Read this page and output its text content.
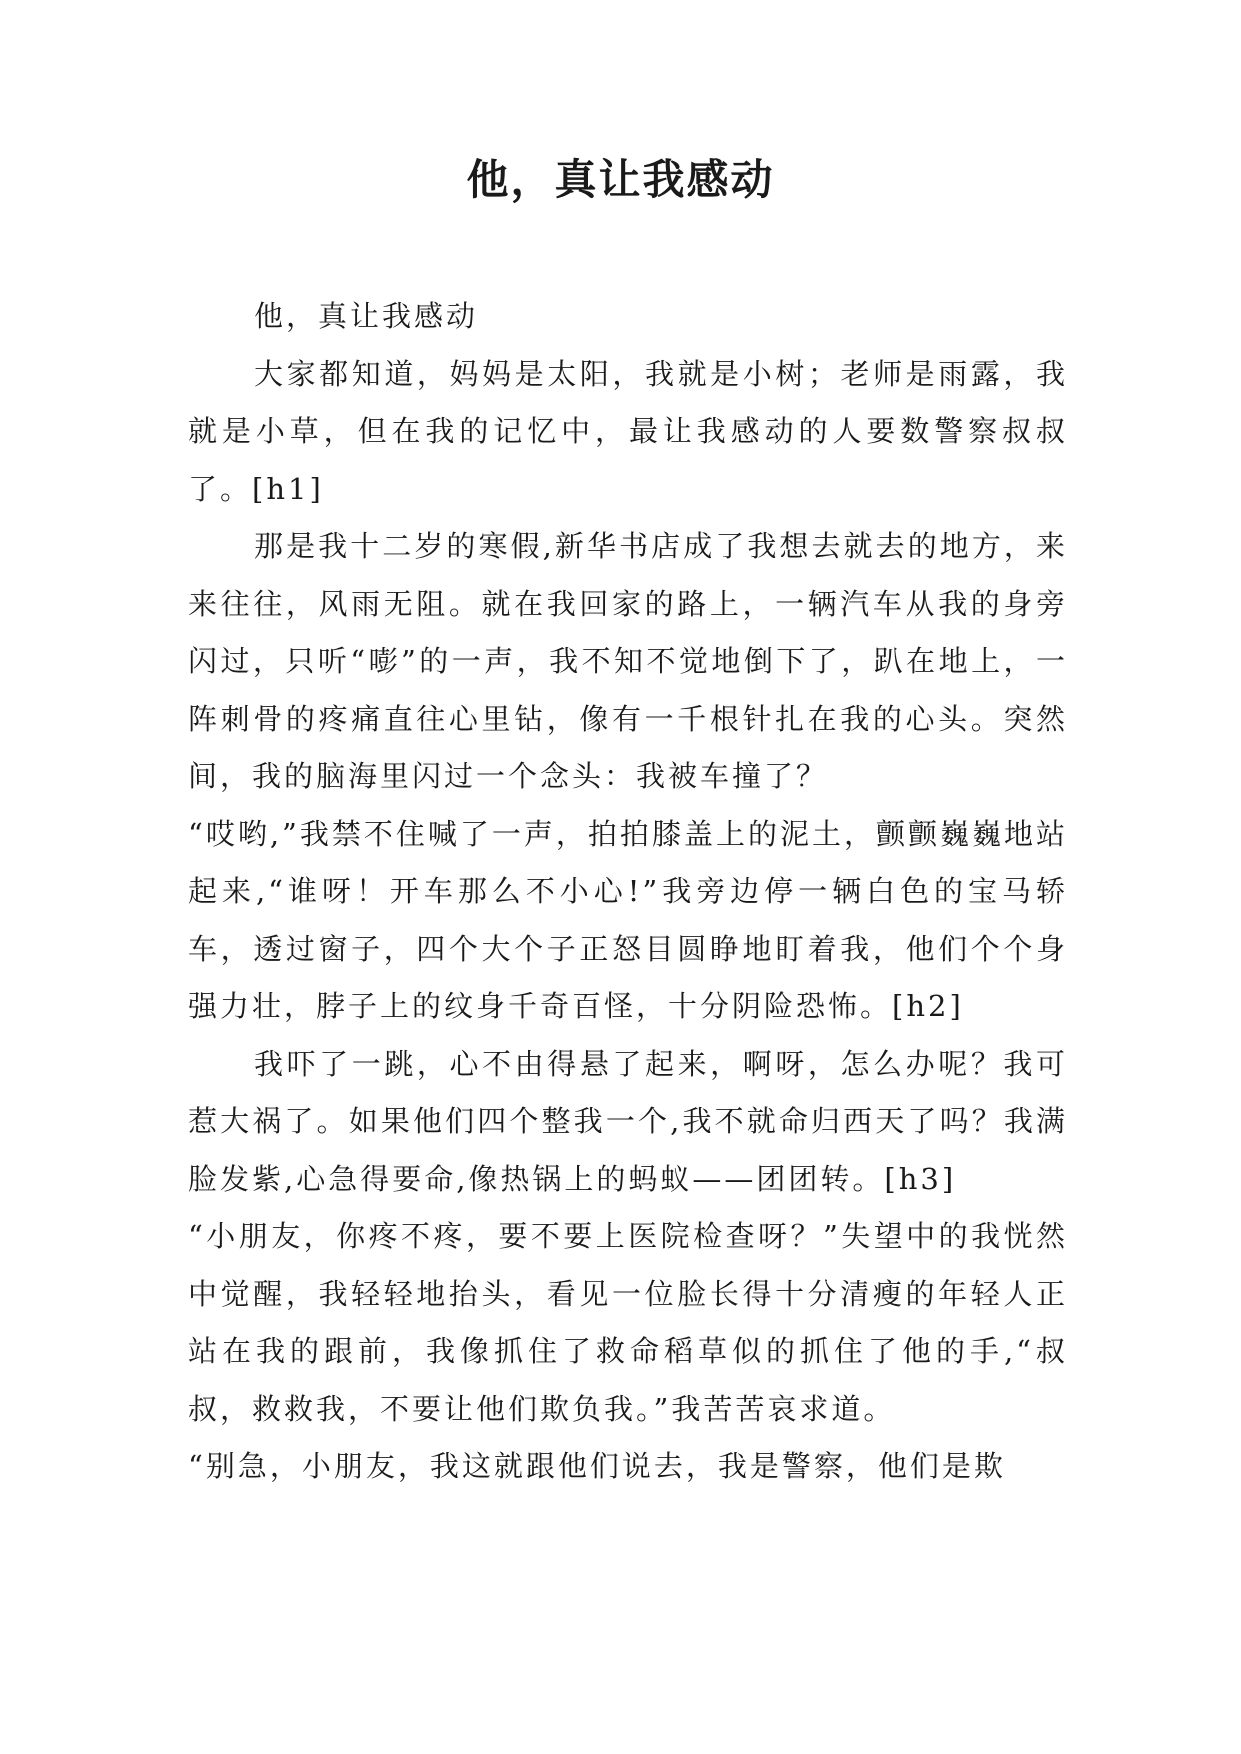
他，真让我感动

他，真让我感动

大家都知道，妈妈是太阳，我就是小树；老师是雨露，我就是小草，但在我的记忆中，最让我感动的人要数警察叔叔了。[h1]

那是我十二岁的寒假,新华书店成了我想去就去的地方，来来往往，风雨无阻。就在我回家的路上，一辆汽车从我的身旁闪过，只听“嘭”的一声，我不知不觉地倒下了，趴在地上，一阵刺骨的疼痛直往心里钻，像有一千根针扎在我的心头。突然间，我的脑海里闪过一个念头：我被车撞了？

“哎哟,”我禁不住喊了一声，拍拍膝盖上的泥土，颤颤巍巍地站起来,“谁呀！开车那么不小心!”我旁边停一辆白色的宝马轿车，透过窗子，四个大个子正怒目圆睁地盯着我，他们个个身强力壮，脖子上的纹身千奇百怪，十分阴险恐怖。[h2]

我吓了一跳，心不由得悬了起来，啊呀，怎么办呢？我可惹大祸了。如果他们四个整我一个,我不就命归西天了吗？我满脸发紫,心急得要命,像热锅上的蚂蚁——团团转。[h3]

“小朋友，你疼不疼，要不要上医院检查呀？”失望中的我恍然中觉醒，我轻轻地抬头，看见一位脸长得十分清瘦的年轻人正站在我的跟前，我像抓住了救命稻草似的抓住了他的手,“叔叔，救救我，不要让他们欺负我。”我苦苦哀求道。

“别急，小朋友，我这就跟他们说去，我是警察，他们是欺
